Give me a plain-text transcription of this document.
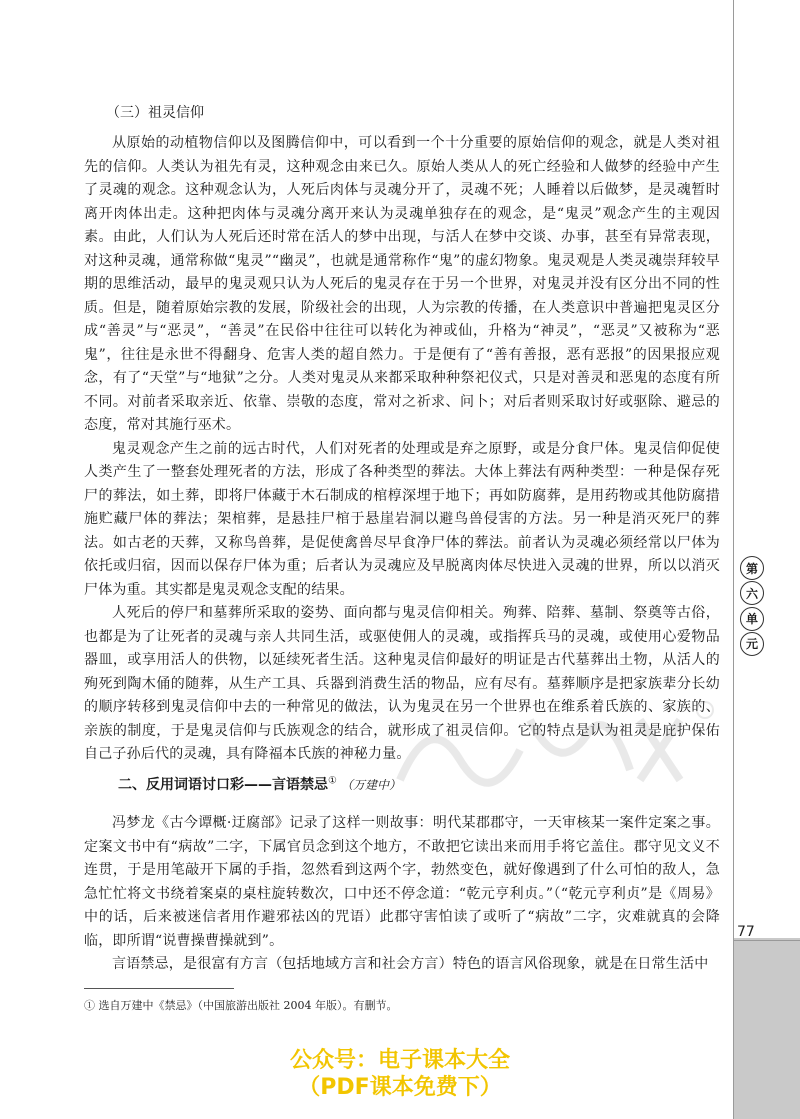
第
六
单
元
77

（三）祖灵信仰

从原始的动植物信仰以及图腾信仰中，可以看到一个十分重要的原始信仰的观念，就是人类对祖先的信仰。人类认为祖先有灵，这种观念由来已久。原始人类从人的死亡经验和人做梦的经验中产生了灵魂的观念。这种观念认为，人死后肉体与灵魂分开了，灵魂不死；人睡着以后做梦，是灵魂暂时离开肉体出走。这种把肉体与灵魂分离开来认为灵魂单独存在的观念，是“鬼灵”观念产生的主观因素。由此，人们认为人死后还时常在活人的梦中出现，与活人在梦中交谈、办事，甚至有异常表现，对这种灵魂，通常称做“鬼灵”“幽灵”，也就是通常称作“鬼”的虚幻物象。鬼灵观是人类灵魂崇拜较早期的思维活动，最早的鬼灵观只认为人死后的鬼灵存在于另一个世界，对鬼灵并没有区分出不同的性质。但是，随着原始宗教的发展，阶级社会的出现，人为宗教的传播，在人类意识中普遍把鬼灵区分成“善灵”与“恶灵”，“善灵”在民俗中往往可以转化为神或仙，升格为“神灵”，“恶灵”又被称为“恶鬼”，往往是永世不得翻身、危害人类的超自然力。于是便有了“善有善报，恶有恶报”的因果报应观念，有了“天堂”与“地狱”之分。人类对鬼灵从来都采取种种祭祀仪式，只是对善灵和恶鬼的态度有所不同。对前者采取亲近、依靠、崇敬的态度，常对之祈求、问卜；对后者则采取讨好或驱除、避忌的态度，常对其施行巫术。

鬼灵观念产生之前的远古时代，人们对死者的处理或是弃之原野，或是分食尸体。鬼灵信仰促使人类产生了一整套处理死者的方法，形成了各种类型的葬法。大体上葬法有两种类型：一种是保存死尸的葬法，如土葬，即将尸体藏于木石制成的棺椁深埋于地下；再如防腐葬，是用药物或其他防腐措施贮藏尸体的葬法；架棺葬，是悬挂尸棺于悬崖岩洞以避鸟兽侵害的方法。另一种是消灭死尸的葬法。如古老的天葬，又称鸟兽葬，是促使禽兽尽早食净尸体的葬法。前者认为灵魂必须经常以尸体为依托或归宿，因而以保存尸体为重；后者认为灵魂应及早脱离肉体尽快进入灵魂的世界，所以以消灭尸体为重。其实都是鬼灵观念支配的结果。

人死后的停尸和墓葬所采取的姿势、面向都与鬼灵信仰相关。殉葬、陪葬、墓制、祭奠等古俗，也都是为了让死者的灵魂与亲人共同生活，或驱使佣人的灵魂，或指挥兵马的灵魂，或使用心爱物品器皿，或享用活人的供物，以延续死者生活。这种鬼灵信仰最好的明证是古代墓葬出土物，从活人的殉死到陶木俑的随葬，从生产工具、兵器到消费生活的物品，应有尽有。墓葬顺序是把家族辈分长幼的顺序转移到鬼灵信仰中去的一种常见的做法，认为鬼灵在另一个世界也在维系着氏族的、家族的、亲族的制度，于是鬼灵信仰与氏族观念的结合，就形成了祖灵信仰。它的特点是认为祖灵是庇护保佑自己子孙后代的灵魂，具有降福本氏族的神秘力量。

二、反用词语讨口彩——言语禁忌① （万建中）

冯梦龙《古今谭概·迂腐部》记录了这样一则故事：明代某郡郡守，一天审核某一案件定案之事。定案文书中有“病故”二字，下属官员念到这个地方，不敢把它读出来而用手将它盖住。郡守见文义不连贯，于是用笔敲开下属的手指，忽然看到这两个字，勃然变色，就好像遇到了什么可怕的敌人，急急忙忙将文书绕着案桌的桌柱旋转数次，口中还不停念道：“乾元亨利贞。”（“乾元亨利贞”是《周易》中的话，后来被迷信者用作避邪祛凶的咒语）此郡守害怕读了或听了“病故”二字，灾难就真的会降临，即所谓“说曹操曹操就到”。

言语禁忌，是很富有方言（包括地域方言和社会方言）特色的语言风俗现象，就是在日常生活中

① 选自万建中《禁忌》（中国旅游出版社 2004 年版）。有删节。
公众号：电子课本大全
（PDF课本免费下）
